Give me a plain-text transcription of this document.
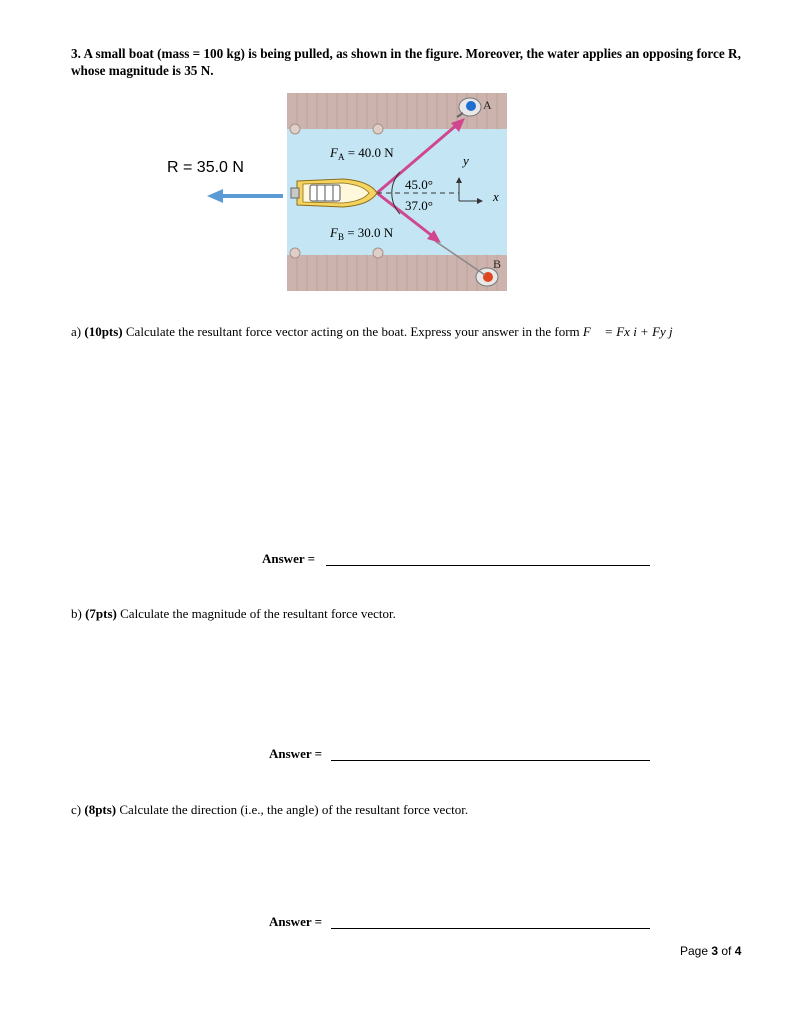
3. A small boat (mass = 100 kg) is being pulled, as shown in the figure. Moreover, the water applies an opposing force R, whose magnitude is 35 N.
R = 35.0 N
A
B
y
x
45.0°
37.0°
$F_A = 40.0$ N
$F_B = 30.0$ N
a) (10pts) Calculate the resultant force vector acting on the boat. Express your answer in the form F⃗ = Fx i + Fy j
Answer =
b) (7pts) Calculate the magnitude of the resultant force vector.
Answer =
c) (8pts) Calculate the direction (i.e., the angle) of the resultant force vector.
Answer =
Page 3 of 4
